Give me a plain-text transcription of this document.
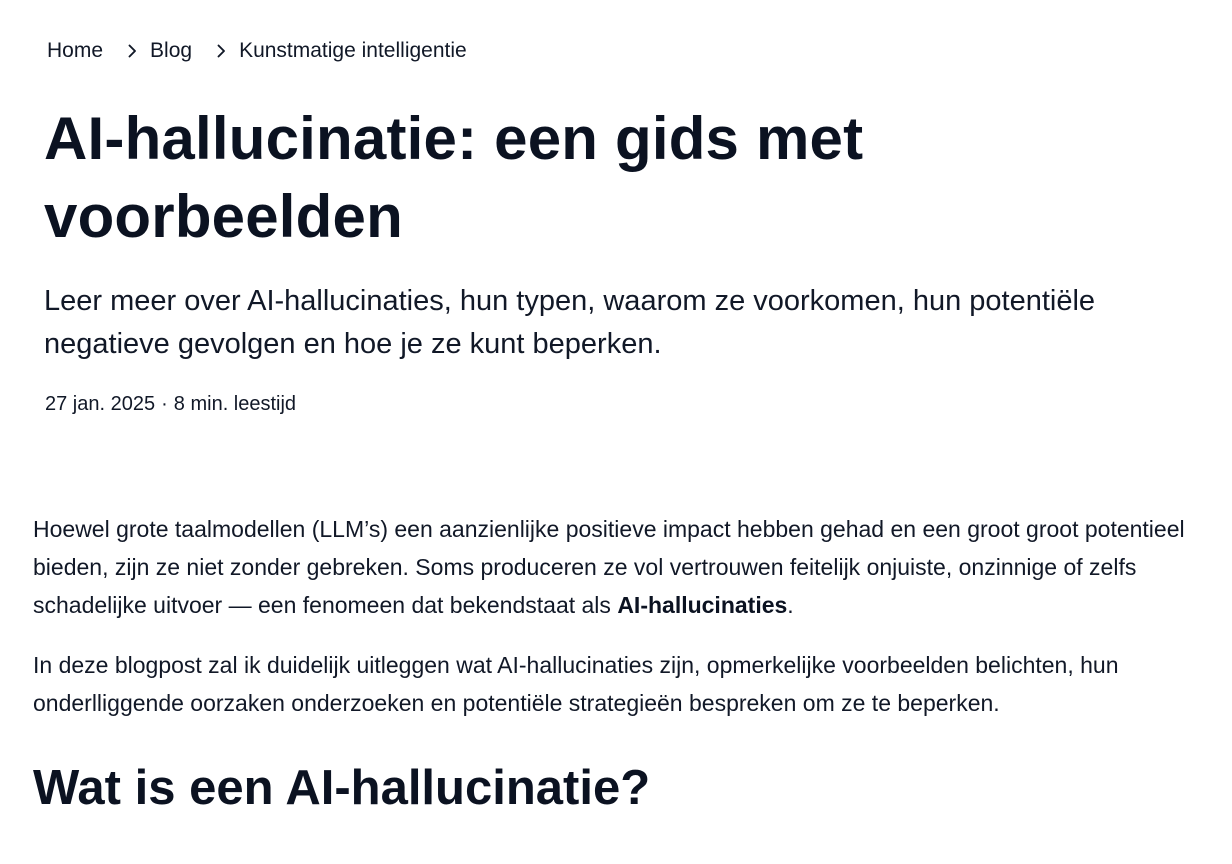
Home Blog Kunstmatige intelligentie
AI-hallucinatie: een gids met voorbeelden

Leer meer over AI-hallucinaties, hun typen, waarom ze voorkomen, hun potentiële negatieve gevolgen en hoe je ze kunt beperken.

27 jan. 2025 · 8 min. leestijd

Hoewel grote taalmodellen (LLM’s) een aanzienlijke positieve impact hebben gehad en een groot groot potentieel bieden, zijn ze niet zonder gebreken. Soms produceren ze vol vertrouwen feitelijk onjuiste, onzinnige of zelfs schadelijke uitvoer — een fenomeen dat bekendstaat als AI-hallucinaties.

In deze blogpost zal ik duidelijk uitleggen wat AI-hallucinaties zijn, opmerkelijke voorbeelden belichten, hun onderlliggende oorzaken onderzoeken en potentiële strategieën bespreken om ze te beperken.

Wat is een AI-hallucinatie?
